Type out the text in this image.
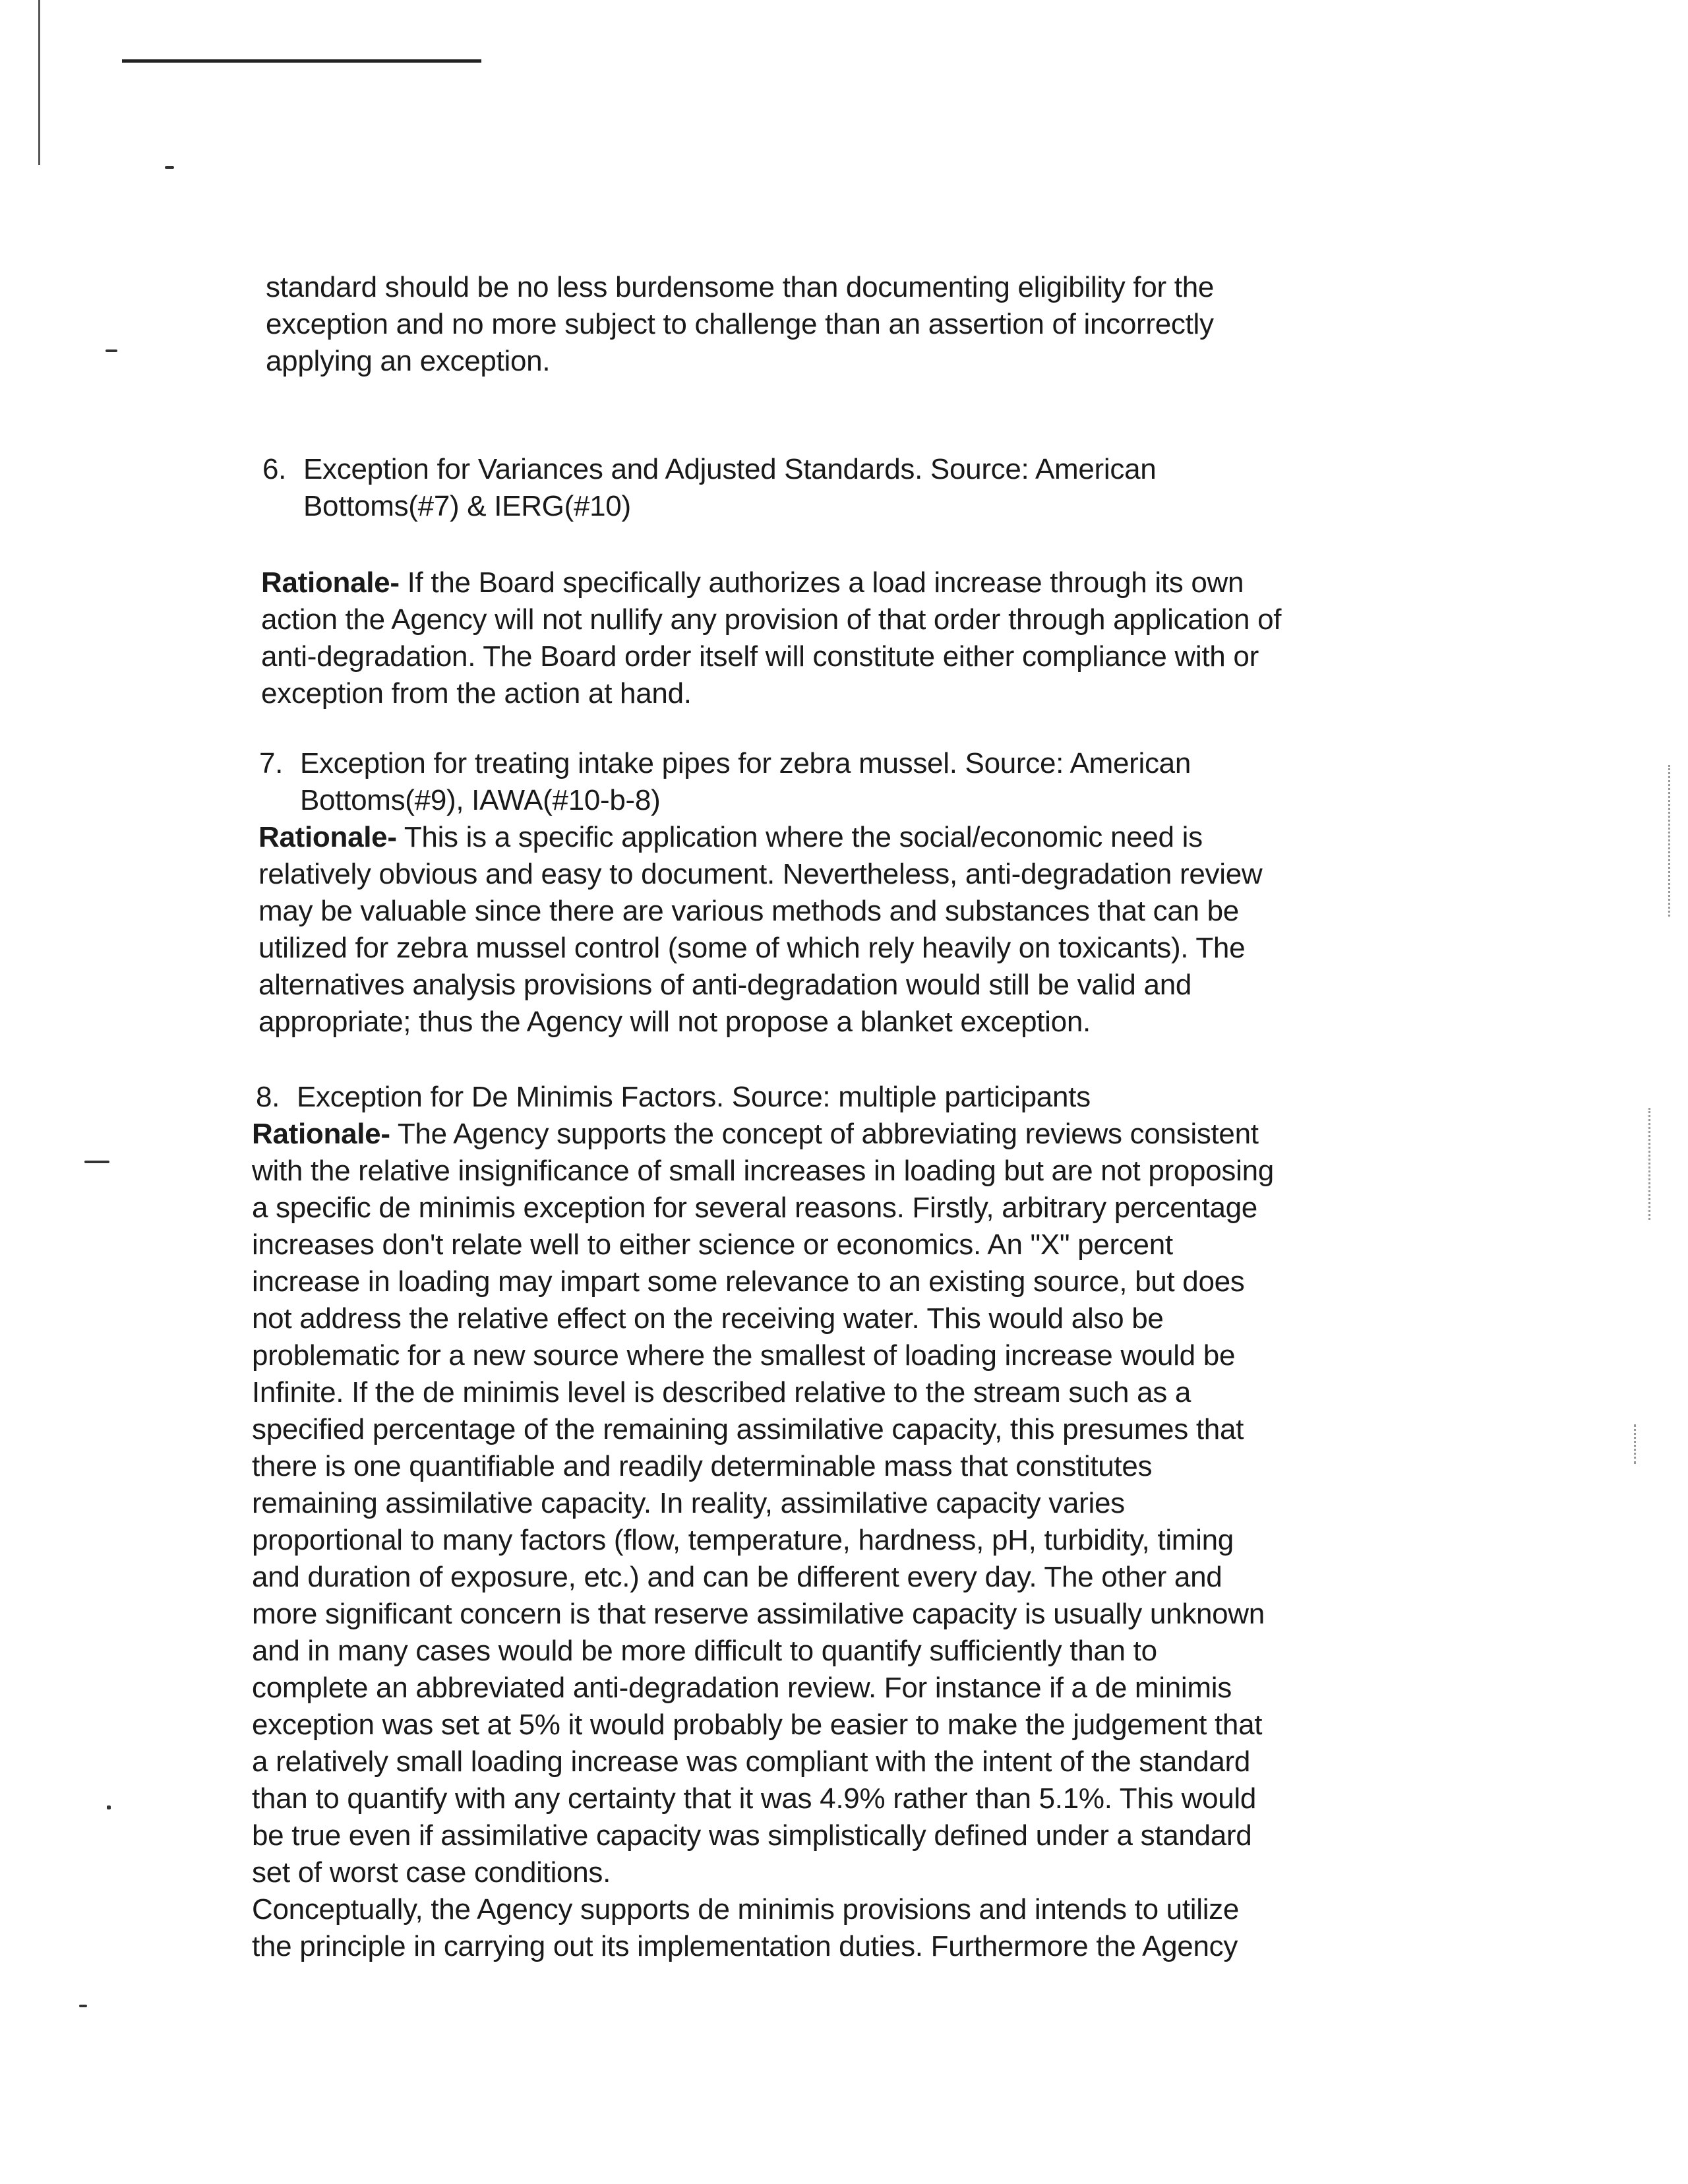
standard should be no less burdensome than documenting eligibility for the
exception and no more subject to challenge than an assertion of incorrectly
applying an exception.
6. Exception for Variances and Adjusted Standards. Source: American
Bottoms(#7) & IERG(#10)
Rationale- If the Board specifically authorizes a load increase through its own
action the Agency will not nullify any provision of that order through application of
anti-degradation. The Board order itself will constitute either compliance with or
exception from the action at hand.
7. Exception for treating intake pipes for zebra mussel. Source: American
Bottoms(#9), IAWA(#10-b-8)
Rationale- This is a specific application where the social/economic need is
relatively obvious and easy to document. Nevertheless, anti-degradation review
may be valuable since there are various methods and substances that can be
utilized for zebra mussel control (some of which rely heavily on toxicants). The
alternatives analysis provisions of anti-degradation would still be valid and
appropriate; thus the Agency will not propose a blanket exception.
8. Exception for De Minimis Factors. Source: multiple participants
Rationale- The Agency supports the concept of abbreviating reviews consistent
with the relative insignificance of small increases in loading but are not proposing
a specific de minimis exception for several reasons. Firstly, arbitrary percentage
increases don't relate well to either science or economics. An "X" percent
increase in loading may impart some relevance to an existing source, but does
not address the relative effect on the receiving water. This would also be
problematic for a new source where the smallest of loading increase would be
Infinite. If the de minimis level is described relative to the stream such as a
specified percentage of the remaining assimilative capacity, this presumes that
there is one quantifiable and readily determinable mass that constitutes
remaining assimilative capacity. In reality, assimilative capacity varies
proportional to many factors (flow, temperature, hardness, pH, turbidity, timing
and duration of exposure, etc.) and can be different every day. The other and
more significant concern is that reserve assimilative capacity is usually unknown
and in many cases would be more difficult to quantify sufficiently than to
complete an abbreviated anti-degradation review. For instance if a de minimis
exception was set at 5% it would probably be easier to make the judgement that
a relatively small loading increase was compliant with the intent of the standard
than to quantify with any certainty that it was 4.9% rather than 5.1%. This would
be true even if assimilative capacity was simplistically defined under a standard
set of worst case conditions.
Conceptually, the Agency supports de minimis provisions and intends to utilize
the principle in carrying out its implementation duties. Furthermore the Agency
